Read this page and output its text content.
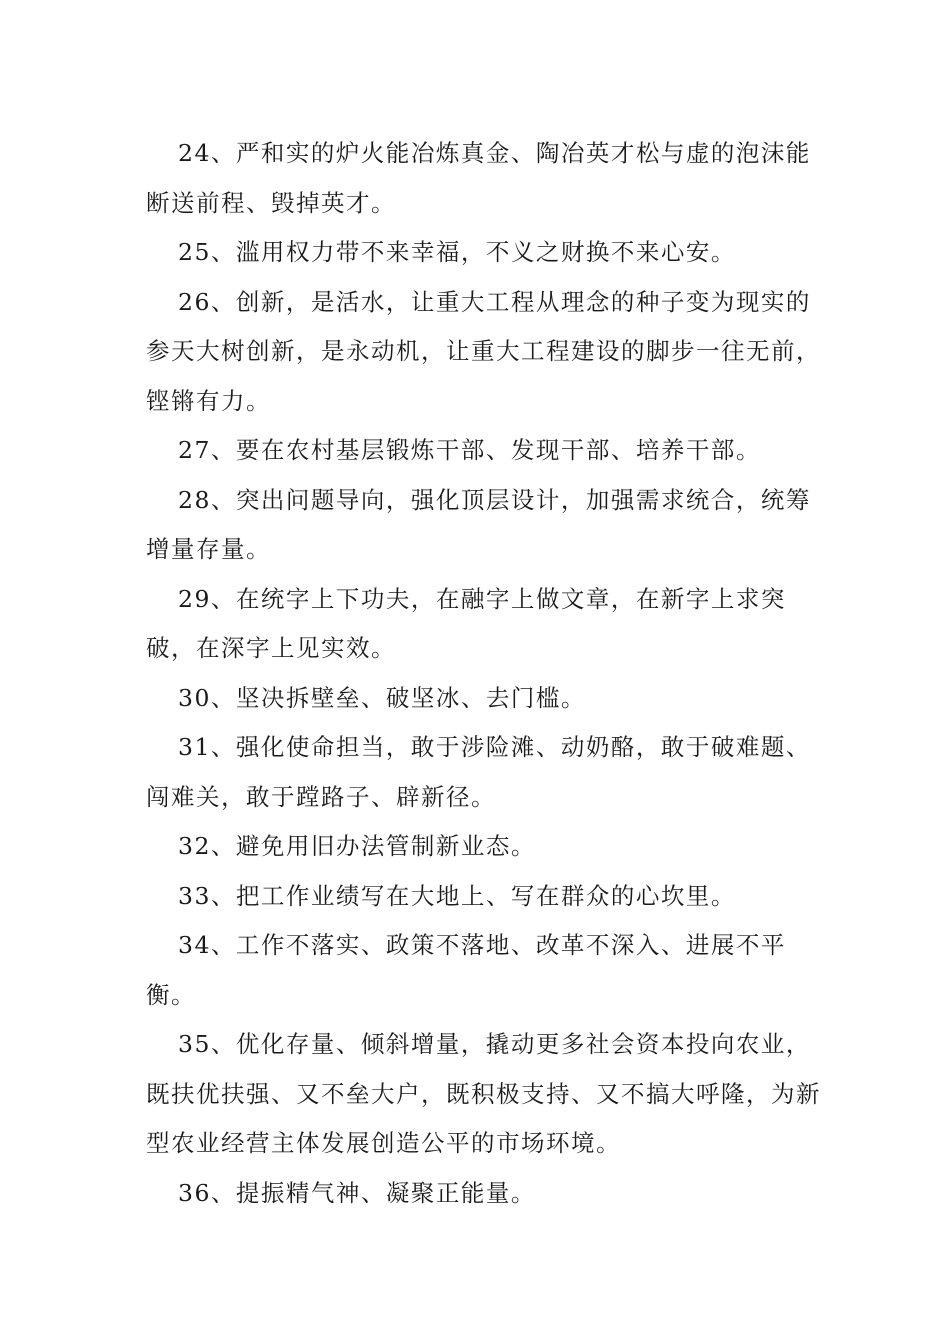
24、严和实的炉火能冶炼真金、陶冶英才松与虚的泡沫能断送前程、毁掉英才。

25、滥用权力带不来幸福，不义之财换不来心安。

26、创新，是活水，让重大工程从理念的种子变为现实的参天大树创新，是永动机，让重大工程建设的脚步一往无前，铿锵有力。

27、要在农村基层锻炼干部、发现干部、培养干部。

28、突出问题导向，强化顶层设计，加强需求统合，统筹增量存量。

29、在统字上下功夫，在融字上做文章，在新字上求突破，在深字上见实效。

30、坚决拆壁垒、破坚冰、去门槛。

31、强化使命担当，敢于涉险滩、动奶酪，敢于破难题、闯难关，敢于蹚路子、辟新径。

32、避免用旧办法管制新业态。

33、把工作业绩写在大地上、写在群众的心坎里。

34、工作不落实、政策不落地、改革不深入、进展不平衡。

35、优化存量、倾斜增量，撬动更多社会资本投向农业，既扶优扶强、又不垒大户，既积极支持、又不搞大呼隆，为新型农业经营主体发展创造公平的市场环境。

36、提振精气神、凝聚正能量。
